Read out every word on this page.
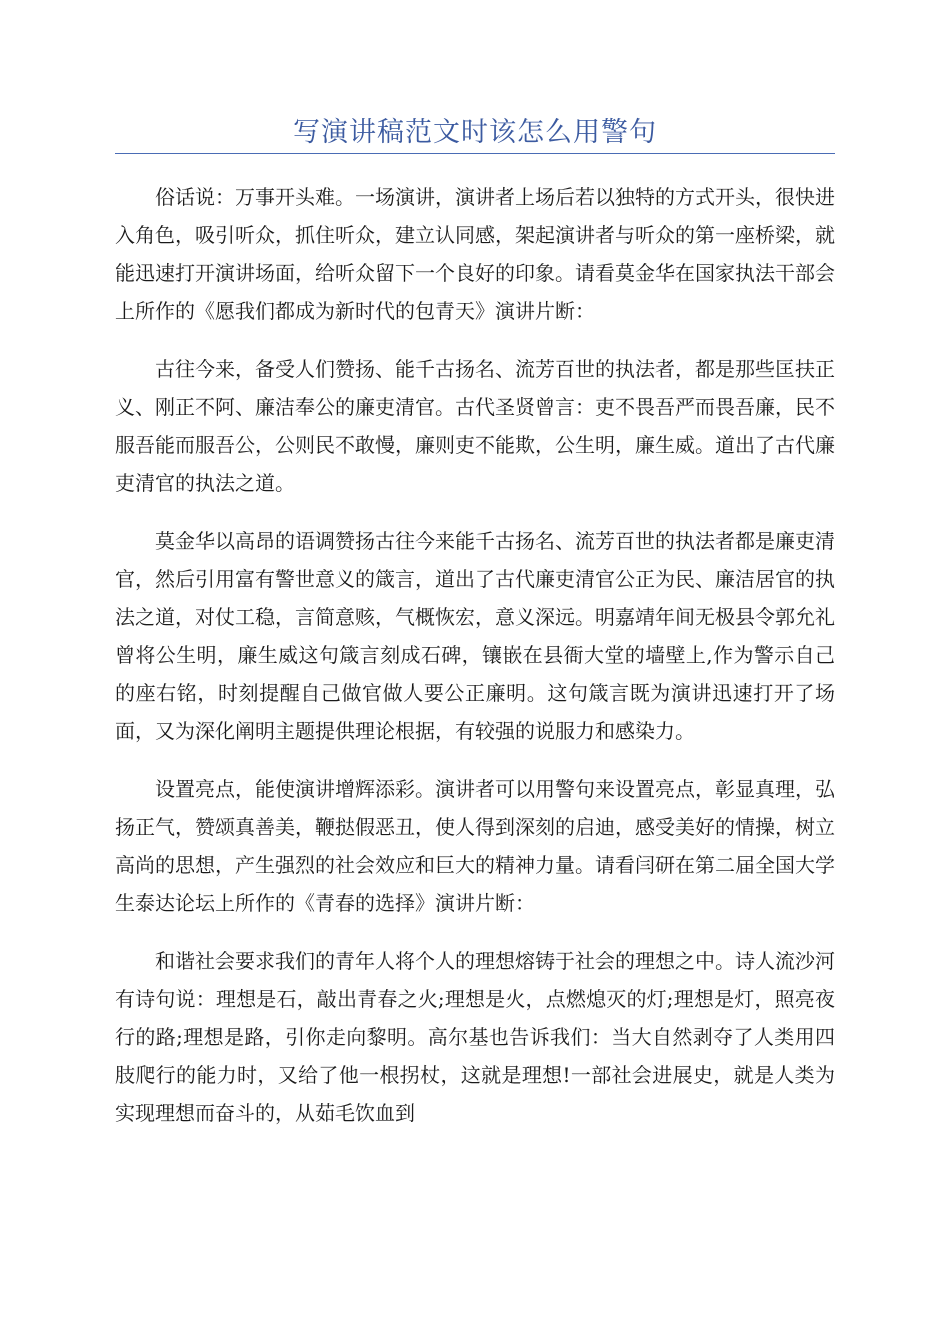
写演讲稿范文时该怎么用警句

俗话说：万事开头难。一场演讲，演讲者上场后若以独特的方式开头，很快进入角色，吸引听众，抓住听众，建立认同感，架起演讲者与听众的第一座桥梁，就能迅速打开演讲场面，给听众留下一个良好的印象。请看莫金华在国家执法干部会上所作的《愿我们都成为新时代的包青天》演讲片断：

古往今来，备受人们赞扬、能千古扬名、流芳百世的执法者，都是那些匡扶正义、刚正不阿、廉洁奉公的廉吏清官。古代圣贤曾言：吏不畏吾严而畏吾廉，民不服吾能而服吾公，公则民不敢慢，廉则吏不能欺，公生明，廉生威。道出了古代廉吏清官的执法之道。

莫金华以高昂的语调赞扬古往今来能千古扬名、流芳百世的执法者都是廉吏清官，然后引用富有警世意义的箴言，道出了古代廉吏清官公正为民、廉洁居官的执法之道，对仗工稳，言简意赅，气概恢宏，意义深远。明嘉靖年间无极县令郭允礼曾将公生明，廉生威这句箴言刻成石碑，镶嵌在县衙大堂的墙壁上,作为警示自己的座右铭，时刻提醒自己做官做人要公正廉明。这句箴言既为演讲迅速打开了场面，又为深化阐明主题提供理论根据，有较强的说服力和感染力。

设置亮点，能使演讲增辉添彩。演讲者可以用警句来设置亮点，彰显真理，弘扬正气，赞颂真善美，鞭挞假恶丑，使人得到深刻的启迪，感受美好的情操，树立高尚的思想，产生强烈的社会效应和巨大的精神力量。请看闫研在第二届全国大学生泰达论坛上所作的《青春的选择》演讲片断：

和谐社会要求我们的青年人将个人的理想熔铸于社会的理想之中。诗人流沙河有诗句说：理想是石，敲出青春之火;理想是火，点燃熄灭的灯;理想是灯，照亮夜行的路;理想是路，引你走向黎明。高尔基也告诉我们：当大自然剥夺了人类用四肢爬行的能力时，又给了他一根拐杖，这就是理想!一部社会进展史，就是人类为实现理想而奋斗的，从茹毛饮血到
